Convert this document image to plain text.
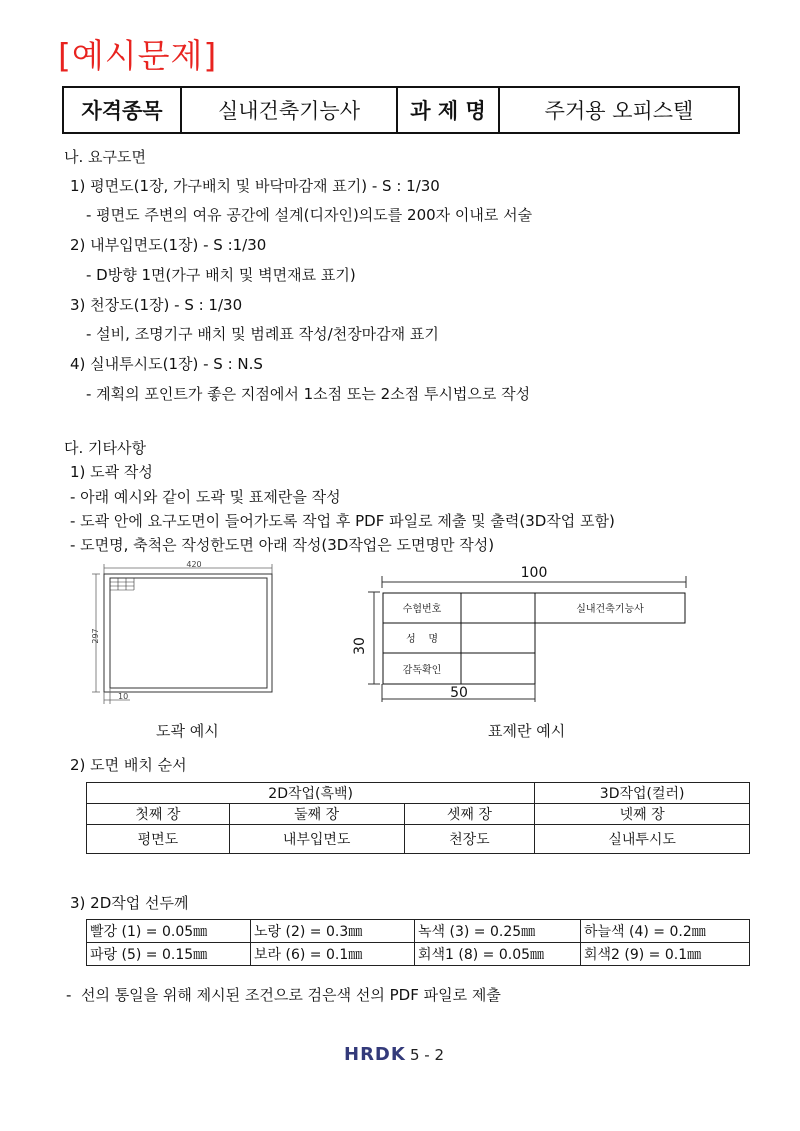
[예시문제]
자격종목	실내건축기능사	과 제 명	주거용 오피스텔
나. 요구도면
1) 평면도(1장, 가구배치 및 바닥마감재 표기) - S : 1/30
- 평면도 주변의 여유 공간에 설계(디자인)의도를 200자 이내로 서술
2) 내부입면도(1장) - S :1/30
- D방향 1면(가구 배치 및 벽면재료 표기)
3) 천장도(1장) - S : 1/30
- 설비, 조명기구 배치 및 범례표 작성/천장마감재 표기
4) 실내투시도(1장) - S : N.S
- 계획의 포인트가 좋은 지점에서 1소점 또는 2소점 투시법으로 작성
다. 기타사항
1) 도곽 작성
- 아래 예시와 같이 도곽 및 표제란을 작성
- 도곽 안에 요구도면이 들어가도록 작업 후 PDF 파일로 제출 및 출력(3D작업 포함)
- 도면명, 축척은 작성한도면 아래 작성(3D작업은 도면명만 작성)
420
297
10
도곽 예시
100
30
수험번호	실내건축기능사
성    명
감독확인
50
표제란 예시
2) 도면 배치 순서
2D작업(흑백)			3D작업(컬러)
첫째 장	둘째 장	셋째 장	넷째 장
평면도	내부입면도	천장도	실내투시도
3) 2D작업 선두께
빨강 (1) = 0.05㎜	노랑 (2) = 0.3㎜	녹색 (3) = 0.25㎜	하늘색 (4) = 0.2㎜
파랑 (5) = 0.15㎜	보라 (6) = 0.1㎜	회색1 (8) = 0.05㎜	회색2 (9) = 0.1㎜
-  선의 통일을 위해 제시된 조건으로 검은색 선의 PDF 파일로 제출
HRDK 5 - 2
